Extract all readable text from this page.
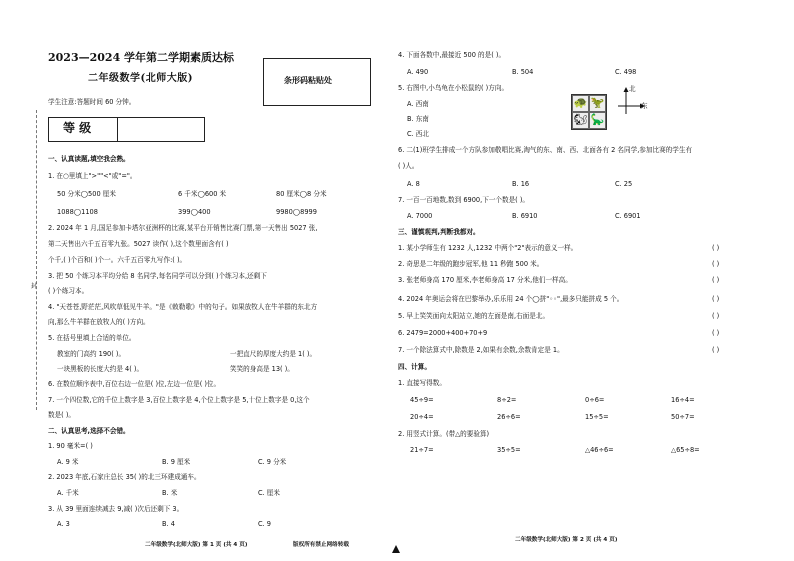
封
2023—2024 学年第二学期素质达标
二年级数学(北师大版)	条形码粘贴处
学生注意:答题时间 60 分钟。
等 级
一、认真读题,填空我会熟。
1. 在○里填上">""<"或"="。
50 分米◯500 厘米	6 千米◯600 米	80 厘米◯8 分米
1088◯1108	399◯400	9980◯8999
2. 2024 年 1 月,国足参加卡塔尔亚洲杯的比赛,某平台开销售比赛门票,第一天售出 5027 张,
第二天售出六千五百零九张。5027 读作( ),这个数里面含有( )
个千,( )个百和( )个一。六千五百零九写作:( )。
3. 把 50 个练习本平均分给 8 名同学,每名同学可以分到( )个练习本,还剩下
( )个练习本。
4. "天苍苍,野茫茫,风吹草低见牛羊。"是《敕勒歌》中的句子。如果放牧人在牛羊群的东北方
向,那么牛羊群在放牧人的( )方向。
5. 在括号里填上合适的单位。
教室的门高约 190( )。	一把直尺的厚度大约是 1( )。
一块黑板的长度大约是 4( )。	笑笑的身高是 13( )。
6. 在数位顺序表中,百位右边一位是( )位,左边一位是( )位。
7. 一个四位数,它的千位上数字是 3,百位上数字是 4,个位上数字是 5,十位上数字是 0,这个
数是( )。
二、认真思考,选择不会错。
1. 90 毫米=( )
A. 9 米	B. 9 厘米	C. 9 分米
2. 2023 年底,石家庄总长 35( )的北三环建成通车。
A. 千米	B. 米	C. 厘米
3. 从 39 里面连续减去 9,减( )次后还剩下 3。
A. 3	B. 4	C. 9
二年级数学(北师大版) 第 1 页 (共 4 页)	版权所有禁止网络转载
4. 下面各数中,最接近 500 的是( )。
A. 490	B. 504	C. 498
5. 右图中,小鸟龟在小松鼠的( )方向。
A. 西南
B. 东南
C. 西北
🐢 🦖
🐿 🦕
北
东
6. 二(1)班学生排成一个方队参加敬唱比赛,淘气的东、南、西、北面各有 2 名同学,参加比赛的学生有
( )人。
A. 8	B. 16	C. 25
7. 一百一百地数,数到 6900,下一个数是( )。
A. 7000	B. 6910	C. 6901
三、谨慎观判,判断我都对。
1. 某小学师生有 1232 人,1232 中两个"2"表示的意义一样。	( )
2. 奇思是二年级的跑步冠军,他 11 秒跑 500 米。	( )
3. 张老师身高 170 厘米,李老师身高 17 分米,他们一样高。	( )
4. 2024 年奥运会将在巴黎举办,乐乐用 24 个◯拼"◦◦",最多只能拼成 5 个。	( )
5. 早上笑笑面向太阳站立,她的左面是南,右面是北。	( )
6. 2479=2000+400+70+9	( )
7. 一个除法算式中,除数是 2,如果有余数,余数肯定是 1。	( )
四、计算。
1. 直接写得数。
45÷9=	8÷2=	0÷6=	16÷4=
20÷4=	26÷6=	15÷5=	50÷7=
2. 用竖式计算。(带△的要验算)
21÷7=	35÷5=	△46÷6=	△65÷8=
二年级数学(北师大版) 第 2 页 (共 4 页)
